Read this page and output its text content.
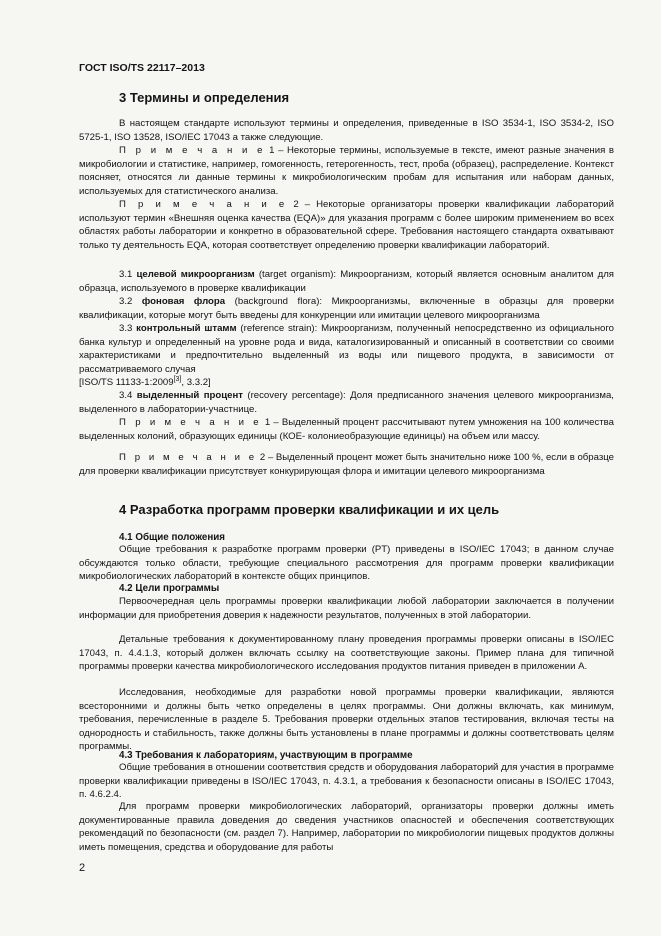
ГОСТ ISO/TS 22117–2013
3 Термины и определения
В настоящем стандарте используют термины и определения, приведенные в ISO 3534-1, ISO 3534-2, ISO 5725-1, ISO 13528, ISO/IEC 17043 а также следующие.
П р и м е ч а н и е 1 – Некоторые термины, используемые в тексте, имеют разные значения в микробиологии и статистике, например, гомогенность, гетерогенность, тест, проба (образец), распределение. Контекст поясняет, относятся ли данные термины к микробиологическим пробам для испытания или наборам данных, используемых для статистического анализа.
П р и м е ч а н и е 2 – Некоторые организаторы проверки квалификации лабораторий используют термин «Внешняя оценка качества (EQA)» для указания программ с более широким применением во всех областях работы лаборатории и конкретно в образовательной сфере. Требования настоящего стандарта охватывают только ту деятельность EQA, которая соответствует определению проверки квалификации лабораторий.
3.1 целевой микроорганизм (target organism): Микроорганизм, который является основным аналитом для образца, используемого в проверке квалификации
3.2 фоновая флора (background flora): Микроорганизмы, включенные в образцы для проверки квалификации, которые могут быть введены для конкуренции или имитации целевого микроорганизма
3.3 контрольный штамм (reference strain): Микроорганизм, полученный непосредственно из официального банка культур и определенный на уровне рода и вида, каталогизированный и описанный в соответствии со своими характеристиками и предпочтительно выделенный из воды или пищевого продукта, в зависимости от рассматриваемого случая
[ISO/TS 11133-1:2009[3], 3.3.2]
3.4 выделенный процент (recovery percentage): Доля предписанного значения целевого микроорганизма, выделенного в лаборатории-участнице.
П р и м е ч а н и е 1 – Выделенный процент рассчитывают путем умножения на 100 количества выделенных колоний, образующих единицы (КОЕ- колониеобразующие единицы) на объем или массу.
П р и м е ч а н и е 2 – Выделенный процент может быть значительно ниже 100 %, если в образце для проверки квалификации присутствует конкурирующая флора и имитации целевого микроорганизма
4 Разработка программ проверки квалификации и их цель
4.1 Общие положения
Общие требования к разработке программ проверки (PT) приведены в ISO/IEC 17043; в данном случае обсуждаются только области, требующие специального рассмотрения для программ проверки квалификации микробиологических лабораторий в контексте общих принципов.
4.2 Цели программы
Первоочередная цель программы проверки квалификации любой лаборатории заключается в получении информации для приобретения доверия к надежности результатов, полученных в этой лаборатории.
Детальные требования к документированному плану проведения программы проверки описаны в ISO/IEC 17043, п. 4.4.1.3, который должен включать ссылку на соответствующие законы. Пример плана для типичной программы проверки качества микробиологического исследования продуктов питания приведен в приложении А.
Исследования, необходимые для разработки новой программы проверки квалификации, являются всесторонними и должны быть четко определены в целях программы. Они должны включать, как минимум, требования, перечисленные в разделе 5. Требования проверки отдельных этапов тестирования, включая тесты на однородность и стабильность, также должны быть установлены в плане программы и должны соответствовать целям программы.
4.3 Требования к лабораториям, участвующим в программе
Общие требования в отношении соответствия средств и оборудования лабораторий для участия в программе проверки квалификации приведены в ISO/IEC 17043, п. 4.3.1, а требования к безопасности описаны в ISO/IEC 17043, п. 4.6.2.4.
Для программ проверки микробиологических лабораторий, организаторы проверки должны иметь документированные правила доведения до сведения участников опасностей и обеспечения соответствующих рекомендаций по безопасности (см. раздел 7). Например, лаборатории по микробиологии пищевых продуктов должны иметь помещения, средства и оборудование для работы
2
